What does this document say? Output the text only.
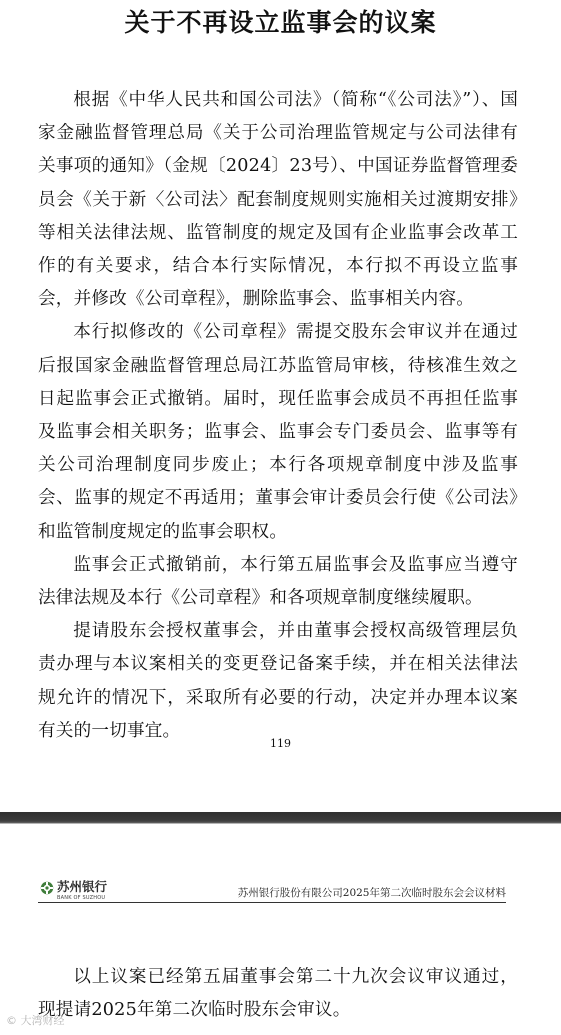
关于不再设立监事会的议案

根据《中华人民共和国公司法》（简称“《公司法》”）、国家金融监督管理总局《关于公司治理监管规定与公司法律有关事项的通知》（金规〔2024〕23号）、中国证券监督管理委员会《关于新〈公司法〉配套制度规则实施相关过渡期安排》等相关法律法规、监管制度的规定及国有企业监事会改革工作的有关要求，结合本行实际情况，本行拟不再设立监事会，并修改《公司章程》，删除监事会、监事相关内容。

本行拟修改的《公司章程》需提交股东会审议并在通过后报国家金融监督管理总局江苏监管局审核，待核准生效之日起监事会正式撤销。届时，现任监事会成员不再担任监事及监事会相关职务；监事会、监事会专门委员会、监事等有关公司治理制度同步废止；本行各项规章制度中涉及监事会、监事的规定不再适用；董事会审计委员会行使《公司法》和监管制度规定的监事会职权。

监事会正式撤销前，本行第五届监事会及监事应当遵守法律法规及本行《公司章程》和各项规章制度继续履职。

提请股东会授权董事会，并由董事会授权高级管理层负责办理与本议案相关的变更登记备案手续，并在相关法律法规允许的情况下，采取所有必要的行动，决定并办理本议案有关的一切事宜。

119
苏州银行
BANK OF SUZHOU	苏州银行股份有限公司2025年第二次临时股东会会议材料

以上议案已经第五届董事会第二十九次会议审议通过，现提请2025年第二次临时股东会审议。

© 大湾财经
